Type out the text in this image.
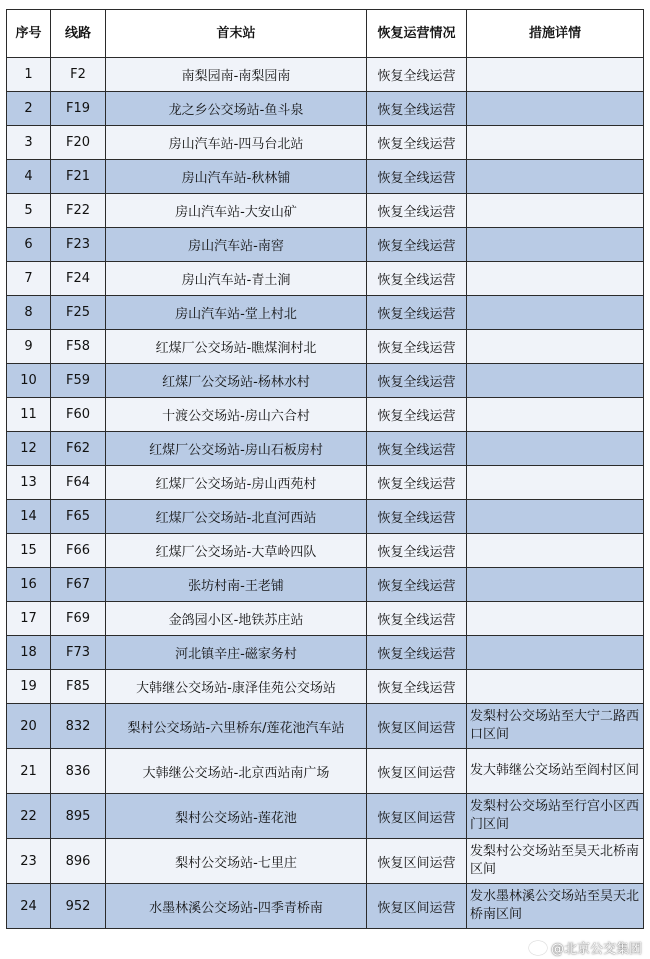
序号	线路	首末站	恢复运营情况	措施详情
1	F2	南梨园南-南梨园南	恢复全线运营	
2	F19	龙之乡公交场站-鱼斗泉	恢复全线运营	
3	F20	房山汽车站-四马台北站	恢复全线运营	
4	F21	房山汽车站-秋林铺	恢复全线运营	
5	F22	房山汽车站-大安山矿	恢复全线运营	
6	F23	房山汽车站-南窖	恢复全线运营	
7	F24	房山汽车站-青土涧	恢复全线运营	
8	F25	房山汽车站-堂上村北	恢复全线运营	
9	F58	红煤厂公交场站-瞧煤涧村北	恢复全线运营	
10	F59	红煤厂公交场站-杨林水村	恢复全线运营	
11	F60	十渡公交场站-房山六合村	恢复全线运营	
12	F62	红煤厂公交场站-房山石板房村	恢复全线运营	
13	F64	红煤厂公交场站-房山西苑村	恢复全线运营	
14	F65	红煤厂公交场站-北直河西站	恢复全线运营	
15	F66	红煤厂公交场站-大草岭四队	恢复全线运营	
16	F67	张坊村南-王老铺	恢复全线运营	
17	F69	金鸽园小区-地铁苏庄站	恢复全线运营	
18	F73	河北镇辛庄-磁家务村	恢复全线运营	
19	F85	大韩继公交场站-康泽佳苑公交场站	恢复全线运营	
20	832	梨村公交场站-六里桥东/莲花池汽车站	恢复区间运营	发梨村公交场站至大宁二路西口区间
21	836	大韩继公交场站-北京西站南广场	恢复区间运营	发大韩继公交场站至阎村区间
22	895	梨村公交场站-莲花池	恢复区间运营	发梨村公交场站至行宫小区西门区间
23	896	梨村公交场站-七里庄	恢复区间运营	发梨村公交场站至昊天北桥南区间
24	952	水墨林溪公交场站-四季青桥南	恢复区间运营	发水墨林溪公交场站至昊天北桥南区间
@北京公交集团
